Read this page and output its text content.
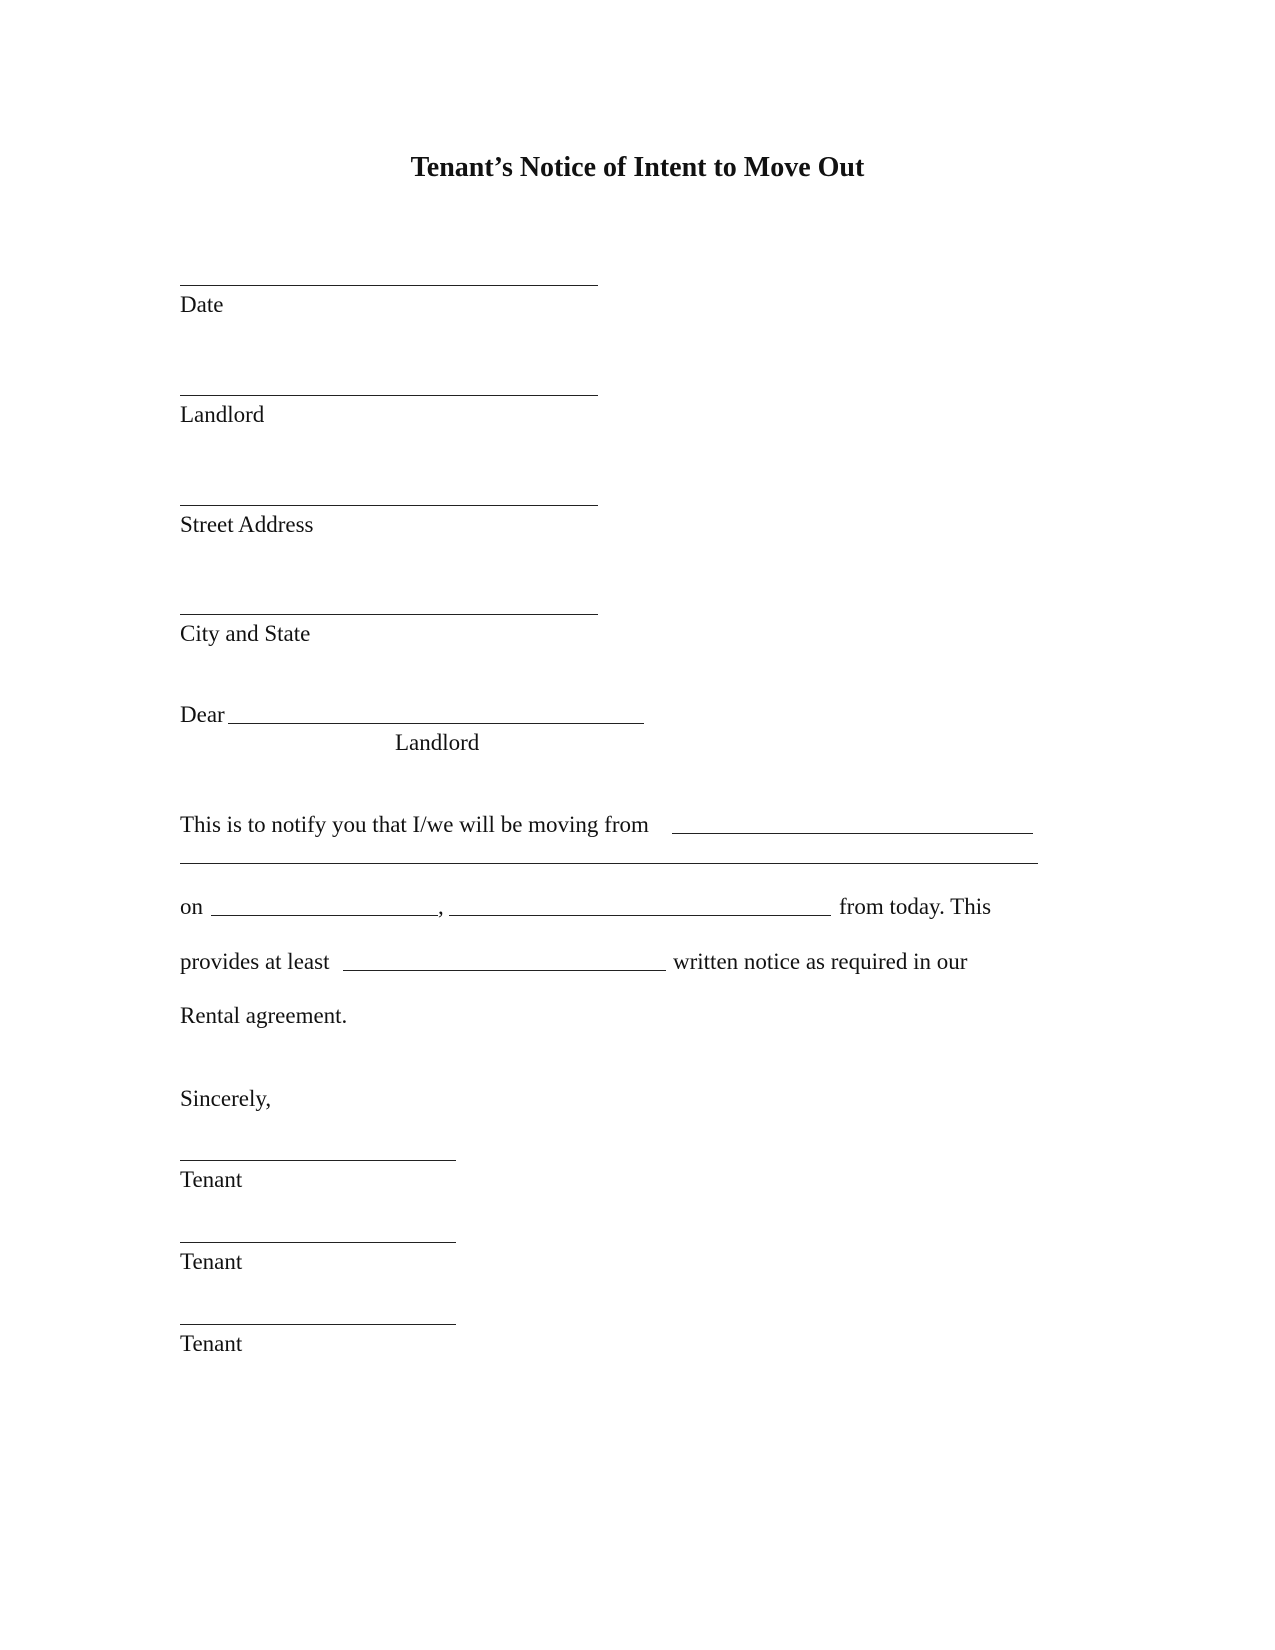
Tenant’s Notice of Intent to Move Out
Date
Landlord
Street Address
City and State
Dear
Landlord
This is to notify you that I/we will be moving from
on	,	from today. This
provides at least	written notice as required in our
Rental agreement.
Sincerely,
Tenant
Tenant
Tenant
